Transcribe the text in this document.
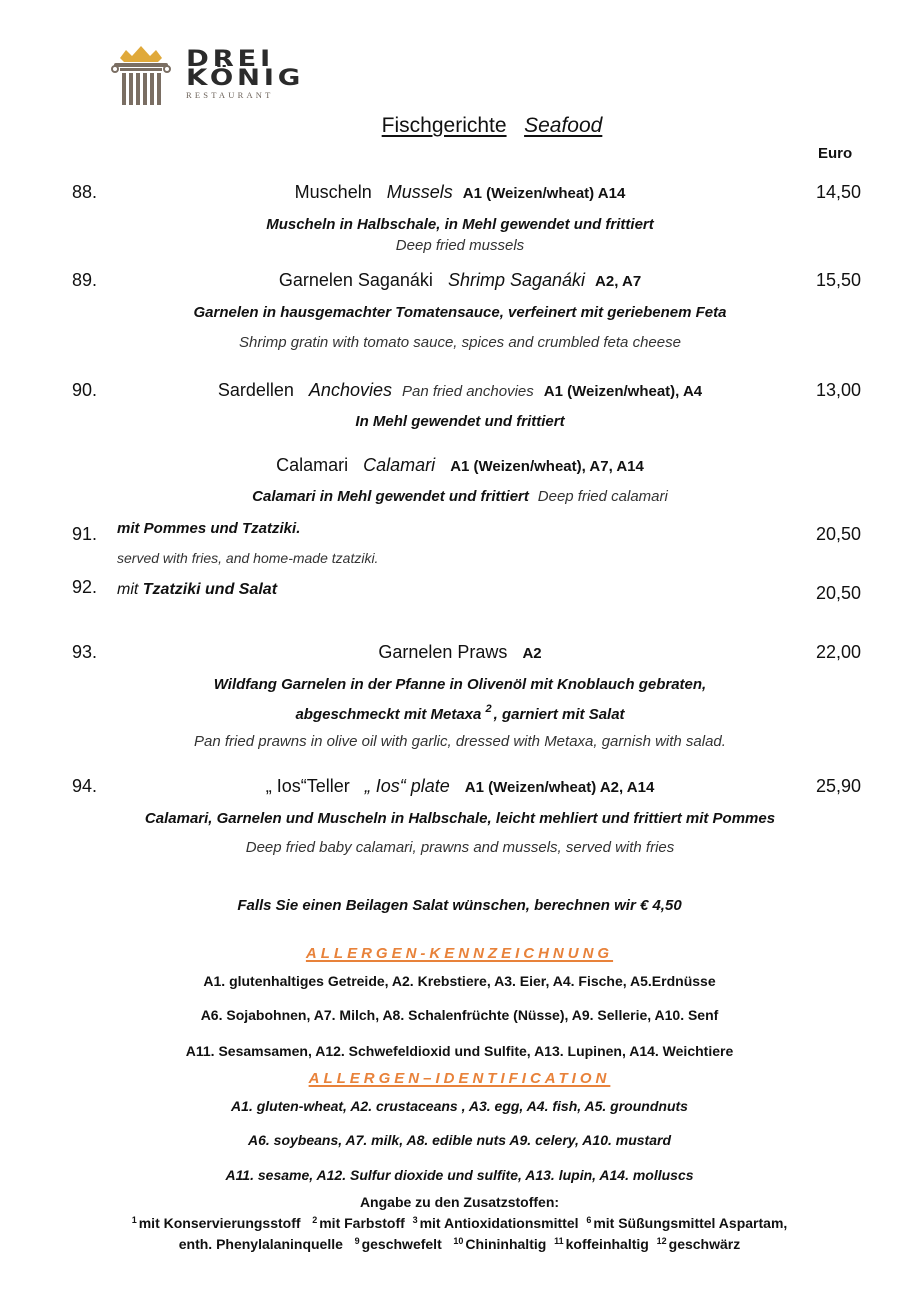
DREI
KÖNIG
RESTAURANT
Fischgerichte Seafood
Euro
88.	Muscheln Mussels A1 (Weizen/wheat) A14	14,50
Muscheln in Halbschale, in Mehl gewendet und frittiert
Deep fried mussels
89.	Garnelen Saganáki Shrimp Saganáki A2, A7	15,50
Garnelen in hausgemachter Tomatensauce, verfeinert mit geriebenem Feta
Shrimp gratin with tomato sauce, spices and crumbled feta cheese
90.	Sardellen Anchovies Pan fried anchovies A1 (Weizen/wheat), A4	13,00
In Mehl gewendet und frittiert
Calamari Calamari A1 (Weizen/wheat), A7, A14
Calamari in Mehl gewendet und frittiert Deep fried calamari
91. mit Pommes und Tzatziki.	20,50
served with fries, and home-made tzatziki.
92. mit Tzatziki und Salat	20,50
93.	Garnelen Praws A2	22,00
Wildfang Garnelen in der Pfanne in Olivenöl mit Knoblauch gebraten,
abgeschmeckt mit Metaxa $^2$ , garniert mit Salat
Pan fried prawns in olive oil with garlic, dressed with Metaxa, garnish with salad.
94.	„ Ios“Teller „ Ios“ plate A1 (Weizen/wheat) A2, A14	25,90
Calamari, Garnelen und Muscheln in Halbschale, leicht mehliert und frittiert mit Pommes
Deep fried baby calamari, prawns and mussels, served with fries
Falls Sie einen Beilagen Salat wünschen, berechnen wir € 4,50
ALLERGEN-KENNZEICHNUNG
A1. glutenhaltiges Getreide, A2. Krebstiere, A3. Eier, A4. Fische, A5.Erdnüsse
A6. Sojabohnen, A7. Milch, A8. Schalenfrüchte (Nüsse), A9. Sellerie, A10. Senf
A11. Sesamsamen, A12. Schwefeldioxid und Sulfite, A13. Lupinen, A14. Weichtiere
ALLERGEN–IDENTIFICATION
A1. gluten-wheat, A2. crustaceans , A3. egg, A4. fish, A5. groundnuts
A6. soybeans, A7. milk, A8. edible nuts A9. celery, A10. mustard
A11. sesame, A12. Sulfur dioxide und sulfite, A13. lupin, A14. molluscs
Angabe zu den Zusatzstoffen:
$^1$ mit Konservierungsstoff $^2$ mit Farbstoff $^3$ mit Antioxidationsmittel $^6$ mit Süßungsmittel Aspartam,
enth. Phenylalaninquelle $^9$ geschwefelt $^{10}$ Chininhaltig $^{11}$ koffeinhaltig $^{12}$ geschwärz
